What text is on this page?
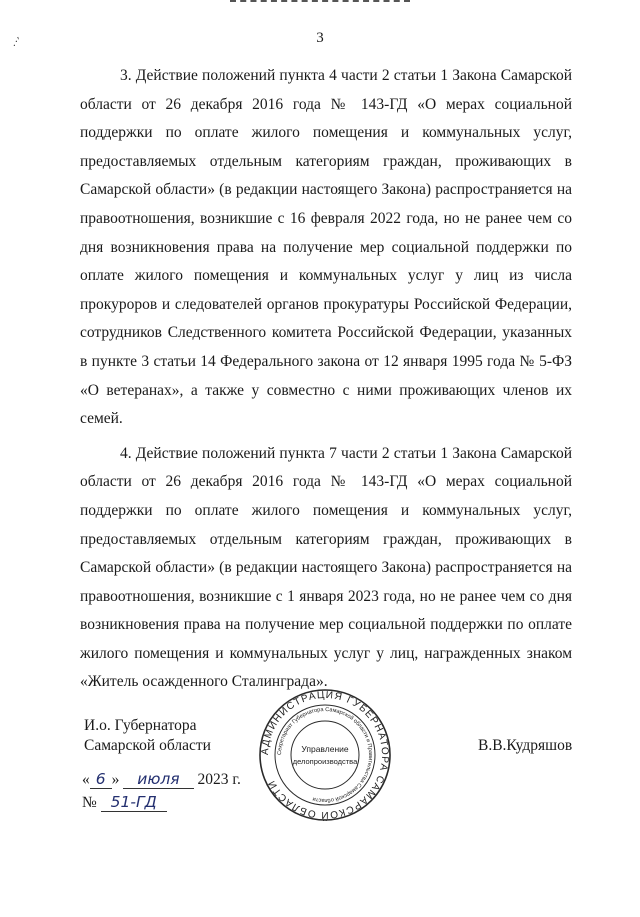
.·'	3

3. Действие положений пункта 4 части 2 статьи 1 Закона Самарской области от 26 декабря 2016 года № 143-ГД «О мерах социальной поддержки по оплате жилого помещения и коммунальных услуг, предоставляемых отдельным категориям граждан, проживающих в Самарской области» (в редакции настоящего Закона) распространяется на правоотношения, возникшие с 16 февраля 2022 года, но не ранее чем со дня возникновения права на получение мер социальной поддержки по оплате жилого помещения и коммунальных услуг у лиц из числа прокуроров и следователей органов прокуратуры Российской Федерации, сотрудников Следственного комитета Российской Федерации, указанных в пункте 3 статьи 14 Федерального закона от 12 января 1995 года № 5-ФЗ «О ветеранах», а также у совместно с ними проживающих членов их семей.

4. Действие положений пункта 7 части 2 статьи 1 Закона Самарской области от 26 декабря 2016 года № 143-ГД «О мерах социальной поддержки по оплате жилого помещения и коммунальных услуг, предоставляемых отдельным категориям граждан, проживающих в Самарской области» (в редакции настоящего Закона) распространяется на правоотношения, возникшие с 1 января 2023 года, но не ранее чем со дня возникновения права на получение мер социальной поддержки по оплате жилого помещения и коммунальных услуг у лиц, награжденных знаком «Житель осажденного Сталинграда».

И.о. Губернатора
Самарской области	В.В.Кудряшов
« 6 » июля 2023 г.
№ 51-ГД
АДМИНИСТРАЦИЯ ГУБЕРНАТОРА САМАРСКОЙ ОБЛАСТИ
Секретариат Губернатора Самарской области и Правительства Самарской области
Управление
делопроизводства
